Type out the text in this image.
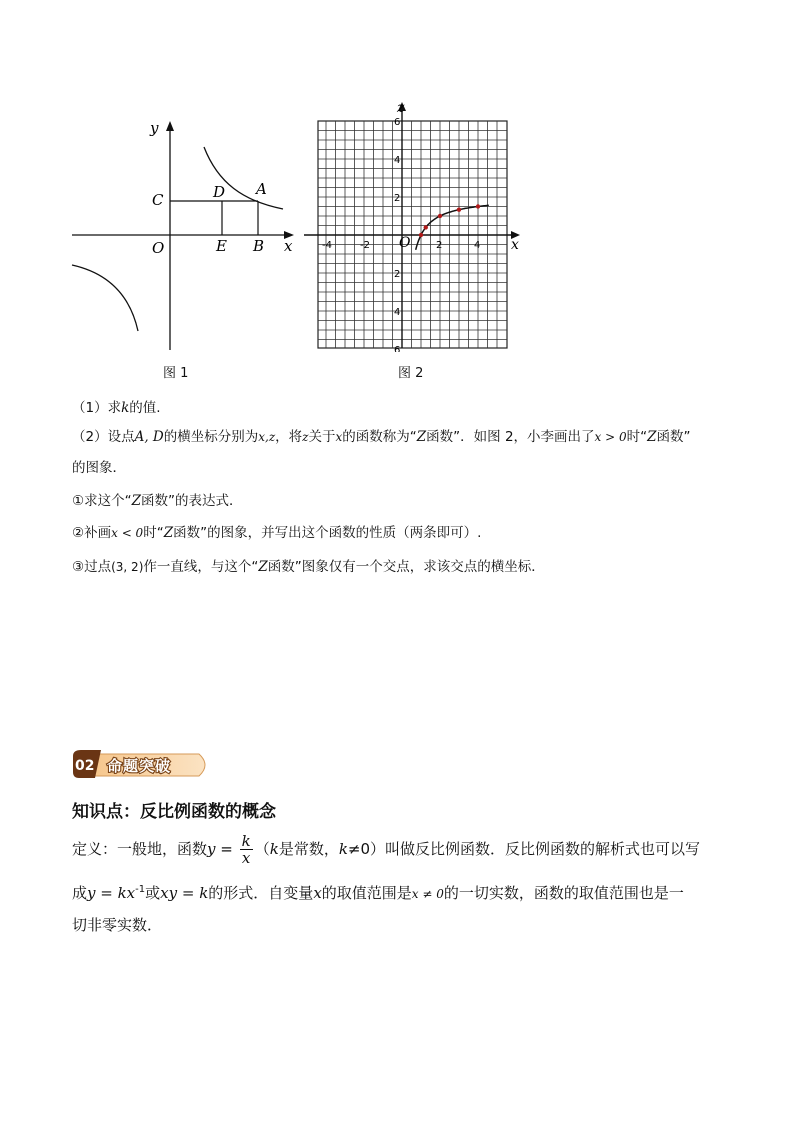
y
C	D A
O	E B x
图 1
-4	-2	2	4
6
4
2
2
4
6
z
O	x
图 2
（1）求k的值.
（2）设点A, D的横坐标分别为x,z，将z关于x的函数称为“Z函数”．如图 2，小李画出了x > 0时“Z函数”
的图象．
①求这个“Z函数”的表达式．
②补画x < 0时“Z函数”的图象，并写出这个函数的性质（两条即可）.
③过点(3, 2)作一直线，与这个“Z函数”图象仅有一个交点，求该交点的横坐标．
02 命题突破
知识点：反比例函数的概念
定义：一般地，函数$y = \frac{k}{x} (k$是常数，k≠0）叫做反比例函数．反比例函数的解析式也可以写
成$y = kx^{-1}$或xy = k的形式．自变量x的取值范围是x ≠ 0的一切实数，函数的取值范围也是一
切非零实数．
